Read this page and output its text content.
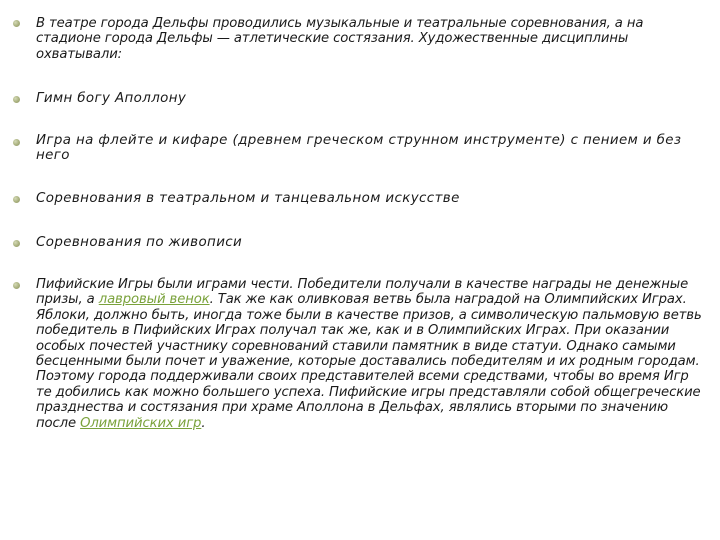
В театре города Дельфы проводились музыкальные и театральные соревнования, а на стадионе города Дельфы — атлетические состязания. Художественные дисциплины охватывали:

Гимн богу Аполлону

Игра на флейте и кифаре (древнем греческом струнном инструменте) с пением и без него

Соревнования в театральном и танцевальном искусстве

Соревнования по живописи

Пифийские Игры были играми чести. Победители получали в качестве награды не денежные призы, а лавровый венок. Так же как оливковая ветвь была наградой на Олимпийских Играх. Яблоки, должно быть, иногда тоже были в качестве призов, а символическую пальмовую ветвь победитель в Пифийских Играх получал так же, как и в Олимпийских Играх. При оказании особых почестей участнику соревнований ставили памятник в виде статуи. Однако самыми бесценными были почет и уважение, которые доставались победителям и их родным городам. Поэтому города поддерживали своих представителей всеми средствами, чтобы во время Игр те добились как можно большего успеха. Пифийские игры представляли собой общегреческие празднества и состязания при храме Аполлона в Дельфах, являлись вторыми по значению после Олимпийских игр.
